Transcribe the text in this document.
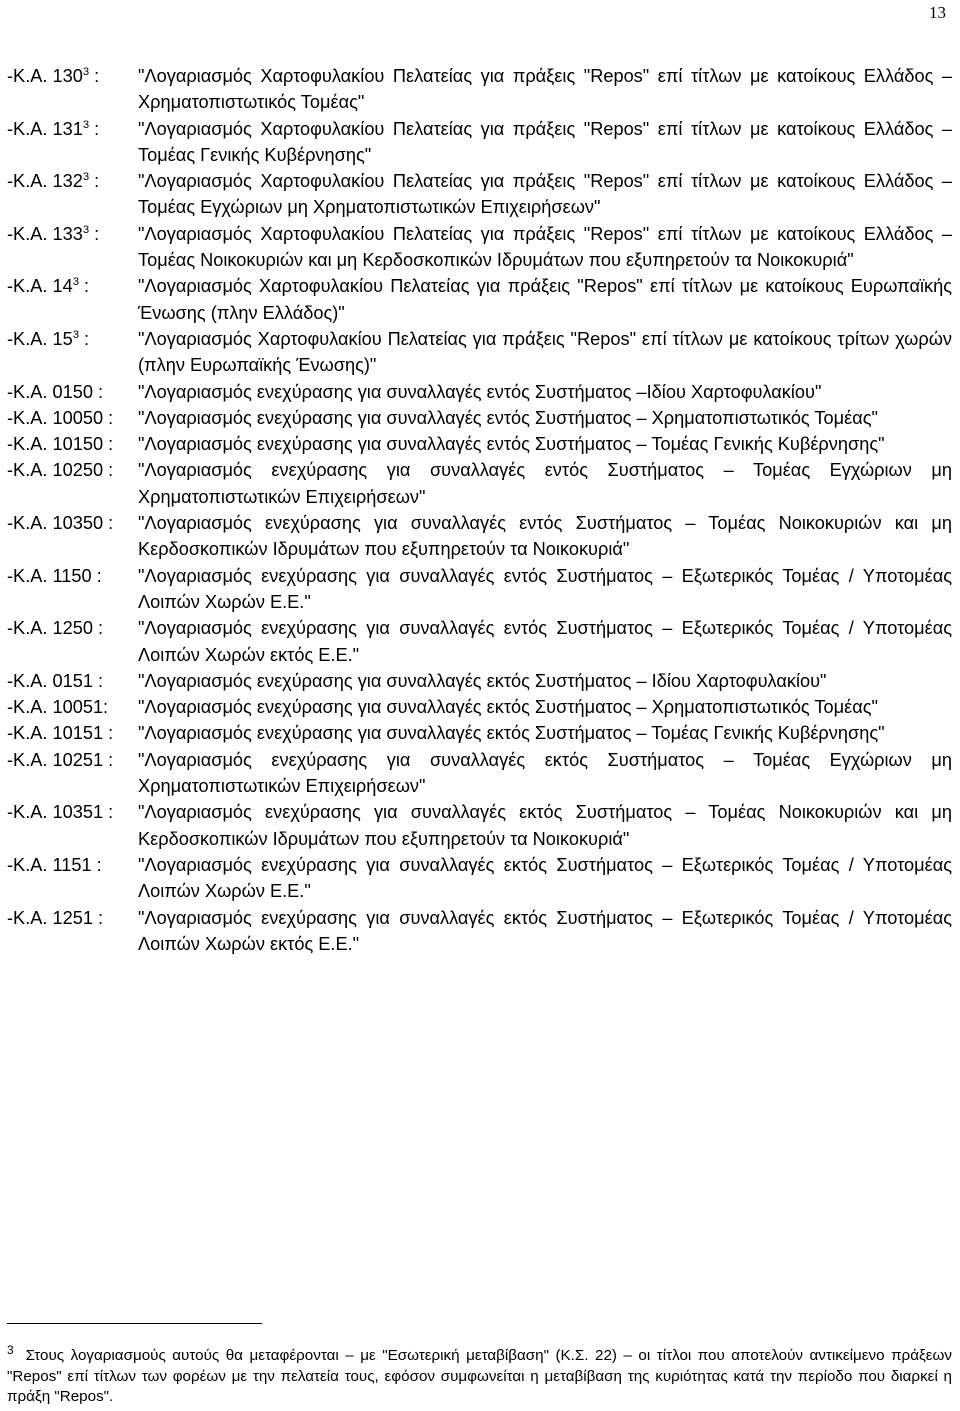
13
-Κ.Α. $130^3$ :	"Λογαριασμός Χαρτοφυλακίου Πελατείας για πράξεις "Repos" επί τίτλων με κατοίκους Ελλάδος – Χρηματοπιστωτικός Τομέας"
-Κ.Α. $131^3$ :	"Λογαριασμός Χαρτοφυλακίου Πελατείας για πράξεις "Repos" επί τίτλων με κατοίκους Ελλάδος – Τομέας Γενικής Κυβέρνησης"
-Κ.Α. $132^3$ :	"Λογαριασμός Χαρτοφυλακίου Πελατείας για πράξεις "Repos" επί τίτλων με κατοίκους Ελλάδος – Τομέας Εγχώριων μη Χρηματοπιστωτικών Επιχειρήσεων"
-Κ.Α. $133^3$ :	"Λογαριασμός Χαρτοφυλακίου Πελατείας για πράξεις "Repos" επί τίτλων με κατοίκους Ελλάδος – Τομέας Νοικοκυριών και μη Κερδοσκοπικών Ιδρυμάτων που εξυπηρετούν τα Νοικοκυριά"
-Κ.Α. $14^3$ :	"Λογαριασμός Χαρτοφυλακίου Πελατείας για πράξεις "Repos" επί τίτλων με κατοίκους Ευρωπαϊκής Ένωσης (πλην Ελλάδος)"
-Κ.Α. $15^3$ :	"Λογαριασμός Χαρτοφυλακίου Πελατείας για πράξεις "Repos" επί τίτλων με κατοίκους τρίτων χωρών (πλην Ευρωπαϊκής Ένωσης)"
-Κ.Α. 0150 :	"Λογαριασμός ενεχύρασης για συναλλαγές εντός Συστήματος –Ιδίου Χαρτοφυλακίου"
-Κ.Α. 10050 :	"Λογαριασμός ενεχύρασης για συναλλαγές εντός Συστήματος – Χρηματοπιστωτικός Τομέας"
-Κ.Α. 10150 :	"Λογαριασμός ενεχύρασης για συναλλαγές εντός Συστήματος – Τομέας Γενικής Κυβέρνησης"
-Κ.Α. 10250 :	"Λογαριασμός ενεχύρασης για συναλλαγές εντός Συστήματος – Τομέας Εγχώριων μη Χρηματοπιστωτικών Επιχειρήσεων"
-Κ.Α. 10350 :	"Λογαριασμός ενεχύρασης για συναλλαγές εντός Συστήματος – Τομέας Νοικοκυριών και μη Κερδοσκοπικών Ιδρυμάτων που εξυπηρετούν τα Νοικοκυριά"
-Κ.Α. 1150 :	"Λογαριασμός ενεχύρασης για συναλλαγές εντός Συστήματος – Εξωτερικός Τομέας / Υποτομέας Λοιπών Χωρών Ε.Ε."
-Κ.Α. 1250 :	"Λογαριασμός ενεχύρασης για συναλλαγές εντός Συστήματος – Εξωτερικός Τομέας / Υποτομέας Λοιπών Χωρών εκτός Ε.Ε."
-Κ.Α. 0151 :	"Λογαριασμός ενεχύρασης για συναλλαγές εκτός Συστήματος – Ιδίου Χαρτοφυλακίου"
-Κ.Α. 10051:	"Λογαριασμός ενεχύρασης για συναλλαγές εκτός Συστήματος – Χρηματοπιστωτικός Τομέας"
-Κ.Α. 10151 :	"Λογαριασμός ενεχύρασης για συναλλαγές εκτός Συστήματος – Τομέας Γενικής Κυβέρνησης"
-Κ.Α. 10251 :	"Λογαριασμός ενεχύρασης για συναλλαγές εκτός Συστήματος – Τομέας Εγχώριων μη Χρηματοπιστωτικών Επιχειρήσεων"
-Κ.Α. 10351 :	"Λογαριασμός ενεχύρασης για συναλλαγές εκτός Συστήματος – Τομέας Νοικοκυριών και μη Κερδοσκοπικών Ιδρυμάτων που εξυπηρετούν τα Νοικοκυριά"
-Κ.Α. 1151 :	"Λογαριασμός ενεχύρασης για συναλλαγές εκτός Συστήματος – Εξωτερικός Τομέας / Υποτομέας Λοιπών Χωρών Ε.Ε."
-Κ.Α. 1251 :	"Λογαριασμός ενεχύρασης για συναλλαγές εκτός Συστήματος – Εξωτερικός Τομέας / Υποτομέας Λοιπών Χωρών εκτός Ε.Ε."
$^3$ Στους λογαριασμούς αυτούς θα μεταφέρονται – με "Εσωτερική μεταβίβαση" (Κ.Σ. 22) – οι τίτλοι που αποτελούν αντικείμενο πράξεων "Repos" επί τίτλων των φορέων με την πελατεία τους, εφόσον συμφωνείται η μεταβίβαση της κυριότητας κατά την περίοδο που διαρκεί η πράξη "Repos".
